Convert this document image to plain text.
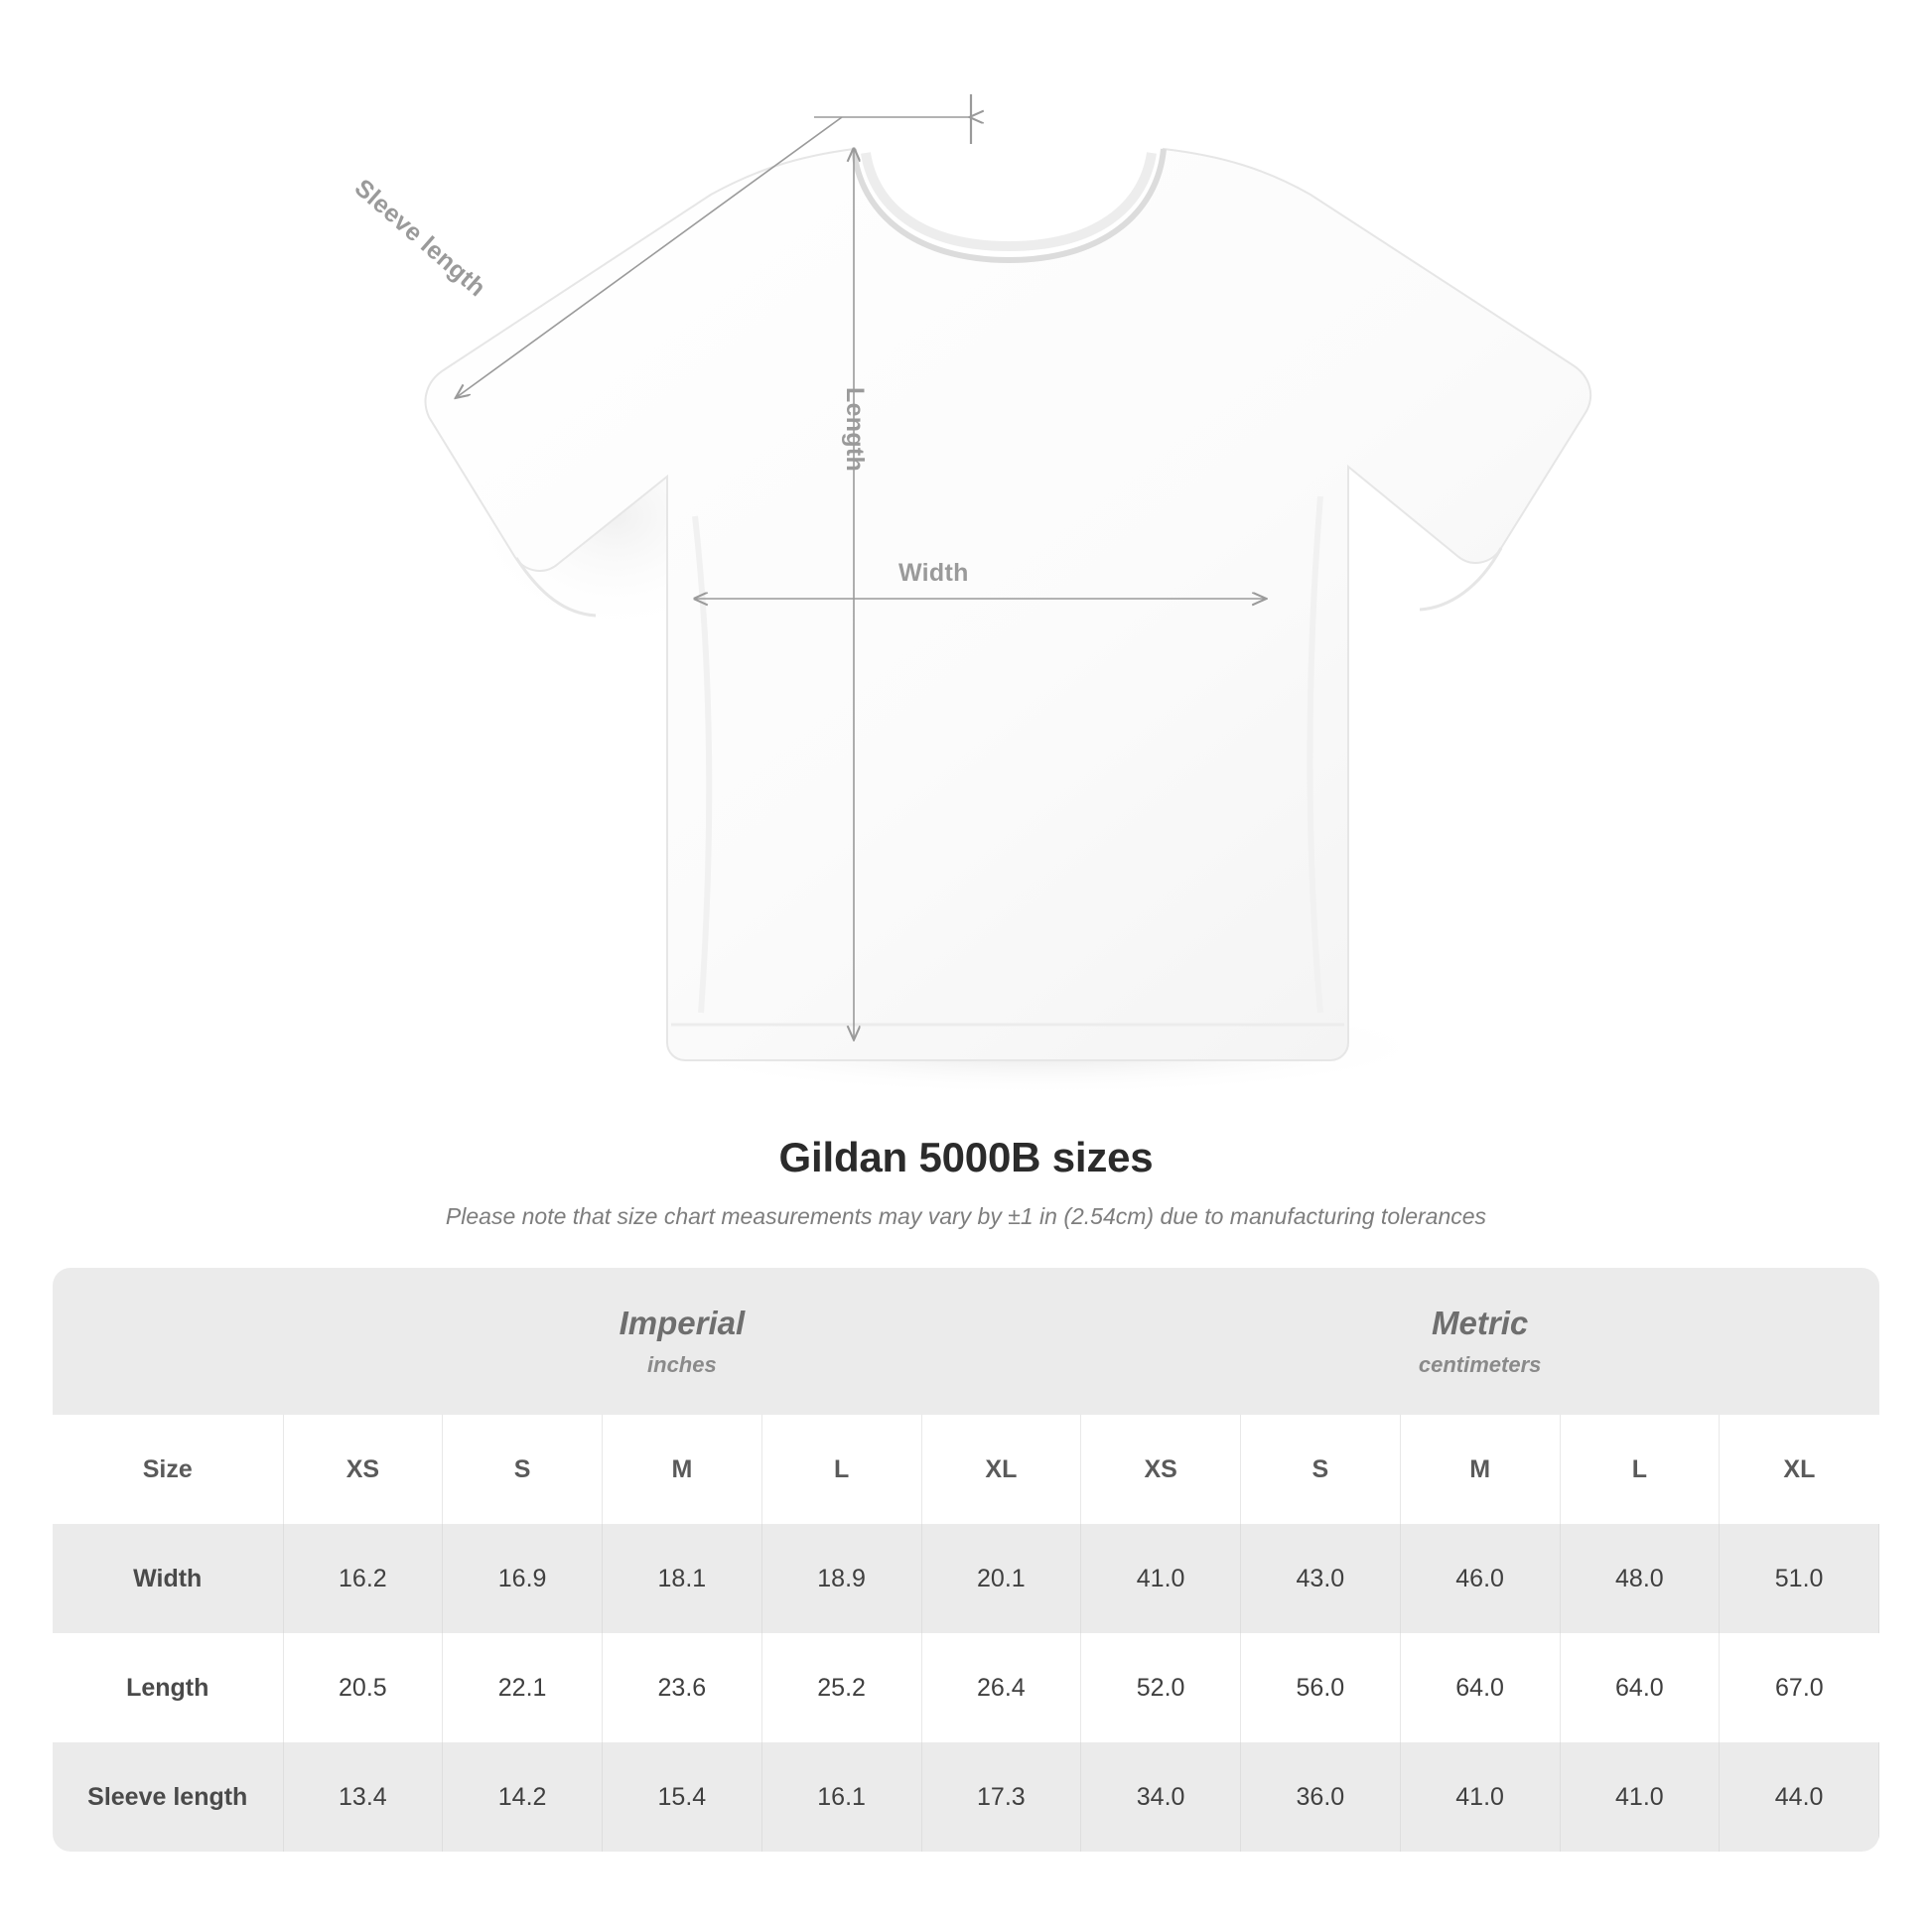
Sleeve length
Length
Width
Gildan 5000B sizes
Please note that size chart measurements may vary by ±1 in (2.54cm) due to manufacturing tolerances

	Imperial
inches					Metric
centimeters				

Size	XS	S	M	L	XL	XS	S	M	L	XL
Width	16.2	16.9	18.1	18.9	20.1	41.0	43.0	46.0	48.0	51.0
Length	20.5	22.1	23.6	25.2	26.4	52.0	56.0	64.0	64.0	67.0
Sleeve length	13.4	14.2	15.4	16.1	17.3	34.0	36.0	41.0	41.0	44.0
